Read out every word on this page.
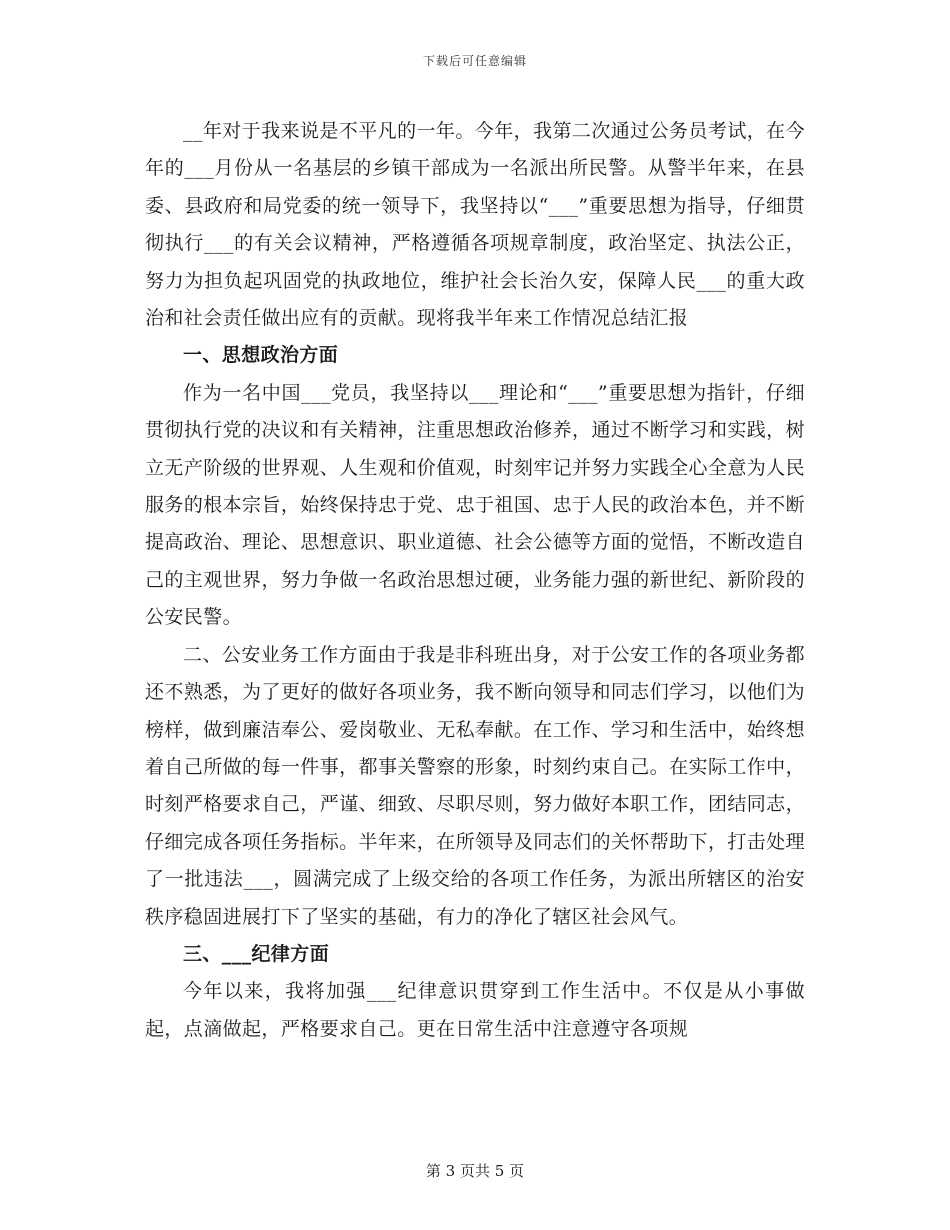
下载后可任意编辑

__年对于我来说是不平凡的一年。今年，我第二次通过公务员考试，在今年的___月份从一名基层的乡镇干部成为一名派出所民警。从警半年来，在县委、县政府和局党委的统一领导下，我坚持以“___”重要思想为指导，仔细贯彻执行___的有关会议精神，严格遵循各项规章制度，政治坚定、执法公正，努力为担负起巩固党的执政地位，维护社会长治久安，保障人民___的重大政治和社会责任做出应有的贡献。现将我半年来工作情况总结汇报

一、思想政治方面

作为一名中国___党员，我坚持以___理论和“___”重要思想为指针，仔细贯彻执行党的决议和有关精神，注重思想政治修养，通过不断学习和实践，树立无产阶级的世界观、人生观和价值观，时刻牢记并努力实践全心全意为人民服务的根本宗旨，始终保持忠于党、忠于祖国、忠于人民的政治本色，并不断提高政治、理论、思想意识、职业道德、社会公德等方面的觉悟，不断改造自己的主观世界，努力争做一名政治思想过硬，业务能力强的新世纪、新阶段的公安民警。

二、公安业务工作方面由于我是非科班出身，对于公安工作的各项业务都还不熟悉，为了更好的做好各项业务，我不断向领导和同志们学习，以他们为榜样，做到廉洁奉公、爱岗敬业、无私奉献。在工作、学习和生活中，始终想着自己所做的每一件事，都事关警察的形象，时刻约束自己。在实际工作中，时刻严格要求自己，严谨、细致、尽职尽则，努力做好本职工作，团结同志，仔细完成各项任务指标。半年来，在所领导及同志们的关怀帮助下，打击处理了一批违法___，圆满完成了上级交给的各项工作任务，为派出所辖区的治安秩序稳固进展打下了坚实的基础，有力的净化了辖区社会风气。

三、___纪律方面

今年以来，我将加强___纪律意识贯穿到工作生活中。不仅是从小事做起，点滴做起，严格要求自己。更在日常生活中注意遵守各项规

第 3 页共 5 页
